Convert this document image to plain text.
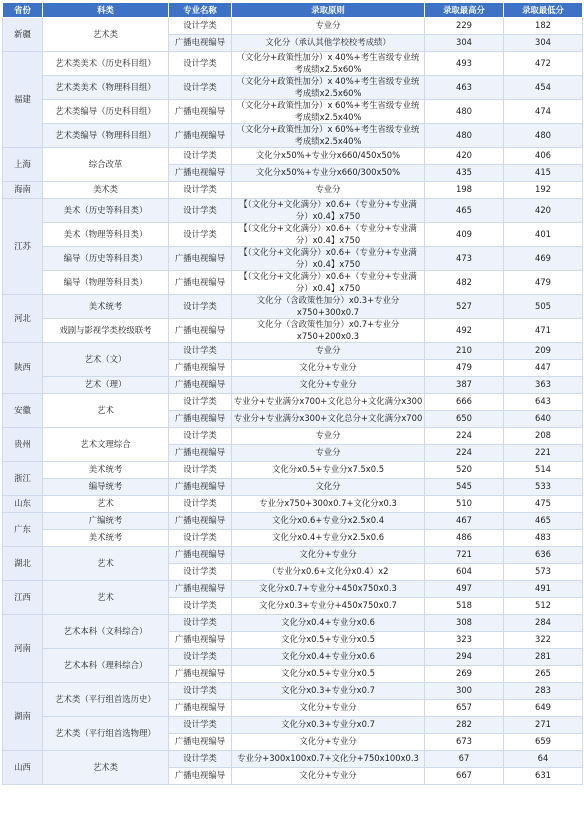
省份	科类	专业名称	录取原则	录取最高分	录取最低分
新疆	艺术类	设计学类	专业分	229	182
		广播电视编导	文化分（承认其他学校校考成绩）	304	304
福建	艺术类美术（历史科目组）	设计学类	（文化分+政策性加分）x 40%+考生省级专业统考成绩x2.5x60%	493	472
	艺术类美术（物理科目组）	设计学类	（文化分+政策性加分）x 40%+考生省级专业统考成绩x2.5x60%	463	454
	艺术类编导（历史科目组）	广播电视编导	（文化分+政策性加分）x 60%+考生省级专业统考成绩x2.5x40%	480	474
	艺术类编导（物理科目组）	广播电视编导	（文化分+政策性加分）x 60%+考生省级专业统考成绩x2.5x40%	480	480
上海	综合改革	设计学类	文化分x50%+专业分x660/450x50%	420	406
		广播电视编导	文化分x50%+专业分x660/300x50%	435	415
海南	美术类	设计学类	专业分	198	192
江苏	美术（历史等科目类）	设计学类	【（文化分+文化满分）x0.6+（专业分+专业满分）x0.4】x750	465	420
	美术（物理等科目类）	设计学类	【（文化分+文化满分）x0.6+（专业分+专业满分）x0.4】x750	409	401
	编导（历史等科目类）	广播电视编导	【（文化分+文化满分）x0.6+（专业分+专业满分）x0.4】x750	473	469
	编导（物理等科目类）	广播电视编导	【（文化分+文化满分）x0.6+（专业分+专业满分）x0.4】x750	482	479
河北	美术统考	设计学类	文化分（含政策性加分）x0.3+专业分x750+300x0.7	527	505
	戏剧与影视学类校级联考	广播电视编导	文化分（含政策性加分）x0.7+专业分x750+200x0.3	492	471
陕西	艺术（文）	设计学类	专业分	210	209
		广播电视编导	文化分+专业分	479	447
	艺术（理）	广播电视编导	文化分+专业分	387	363
安徽	艺术	设计学类	专业分+专业满分x700+文化总分+文化满分x300	666	643
		广播电视编导	专业分+专业满分x300+文化总分+文化满分x700	650	640
贵州	艺术文理综合	设计学类	专业分	224	208
		广播电视编导	专业分	224	221
浙江	美术统考	设计学类	文化分x0.5+专业分x7.5x0.5	520	514
	编导统考	广播电视编导	文化分	545	533
山东	艺术	设计学类	专业分x750+300x0.7+文化分x0.3	510	475
广东	广编统考	广播电视编导	文化分x0.6+专业分x2.5x0.4	467	465
	美术统考	设计学类	文化分x0.4+专业分x2.5x0.6	486	483
湖北	艺术	广播电视编导	文化分+专业分	721	636
		设计学类	（专业分x0.6+文化分x0.4）x2	604	573
江西	艺术	广播电视编导	文化分x0.7+专业分+450x750x0.3	497	491
		设计学类	文化分x0.3+专业分+450x750x0.7	518	512
河南	艺术本科（文科综合）	设计学类	文化分x0.4+专业分x0.6	308	284
		广播电视编导	文化分x0.5+专业分x0.5	323	322
	艺术本科（理科综合）	设计学类	文化分x0.4+专业分x0.6	294	281
		广播电视编导	文化分x0.5+专业分x0.5	269	265
湖南	艺术类（平行组首选历史）	设计学类	文化分x0.3+专业分x0.7	300	283
		广播电视编导	文化分+专业分	657	649
	艺术类（平行组首选物理）	设计学类	文化分x0.3+专业分x0.7	282	271
		广播电视编导	文化分+专业分	673	659
山西	艺术类	设计学类	专业分+300x100x0.7+文化分+750x100x0.3	67	64
		广播电视编导	文化分+专业分	667	631
